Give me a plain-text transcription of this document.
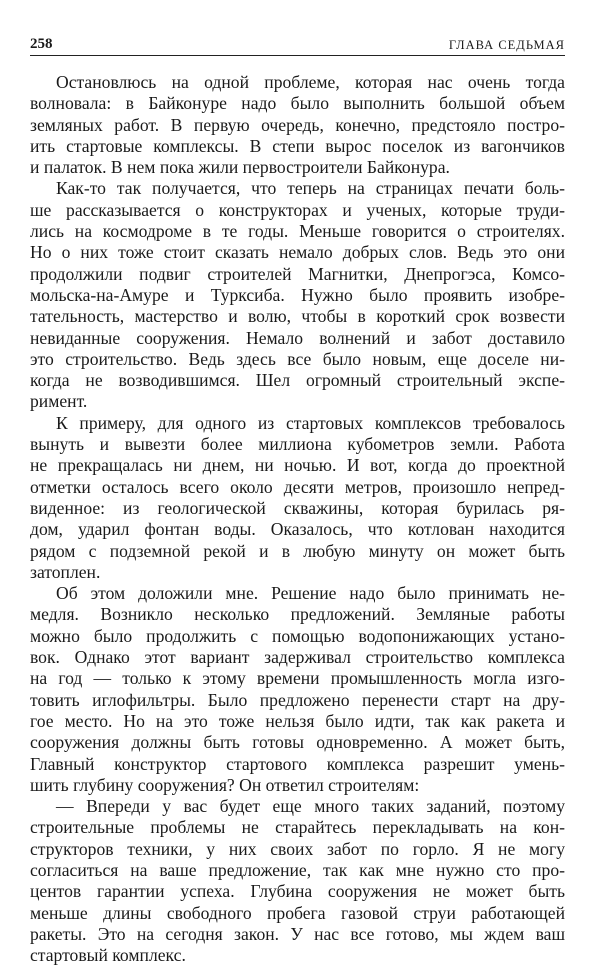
258	ГЛАВА СЕДЬМАЯ
Остановлюсь на одной проблеме, которая нас очень тогда
волновала: в Байконуре надо было выполнить большой объем
земляных работ. В первую очередь, конечно, предстояло постро-
ить стартовые комплексы. В степи вырос поселок из вагончиков
и палаток. В нем пока жили первостроители Байконура.
Как-то так получается, что теперь на страницах печати боль-
ше рассказывается о конструкторах и ученых, которые труди-
лись на космодроме в те годы. Меньше говорится о строителях.
Но о них тоже стоит сказать немало добрых слов. Ведь это они
продолжили подвиг строителей Магнитки, Днепрогэса, Комсо-
мольска-на-Амуре и Турксиба. Нужно было проявить изобре-
тательность, мастерство и волю, чтобы в короткий срок возвести
невиданные сооружения. Немало волнений и забот доставило
это строительство. Ведь здесь все было новым, еще доселе ни-
когда не возводившимся. Шел огромный строительный экспе-
римент.
К примеру, для одного из стартовых комплексов требовалось
вынуть и вывезти более миллиона кубометров земли. Работа
не прекращалась ни днем, ни ночью. И вот, когда до проектной
отметки осталось всего около десяти метров, произошло непред-
виденное: из геологической скважины, которая бурилась ря-
дом, ударил фонтан воды. Оказалось, что котлован находится
рядом с подземной рекой и в любую минуту он может быть
затоплен.
Об этом доложили мне. Решение надо было принимать не-
медля. Возникло несколько предложений. Земляные работы
можно было продолжить с помощью водопонижающих устано-
вок. Однако этот вариант задерживал строительство комплекса
на год — только к этому времени промышленность могла изго-
товить иглофильтры. Было предложено перенести старт на дру-
гое место. Но на это тоже нельзя было идти, так как ракета и
сооружения должны быть готовы одновременно. А может быть,
Главный конструктор стартового комплекса разрешит умень-
шить глубину сооружения? Он ответил строителям:
— Впереди у вас будет еще много таких заданий, поэтому
строительные проблемы не старайтесь перекладывать на кон-
структоров техники, у них своих забот по горло. Я не могу
согласиться на ваше предложение, так как мне нужно сто про-
центов гарантии успеха. Глубина сооружения не может быть
меньше длины свободного пробега газовой струи работающей
ракеты. Это на сегодня закон. У нас все готово, мы ждем ваш
стартовый комплекс.
